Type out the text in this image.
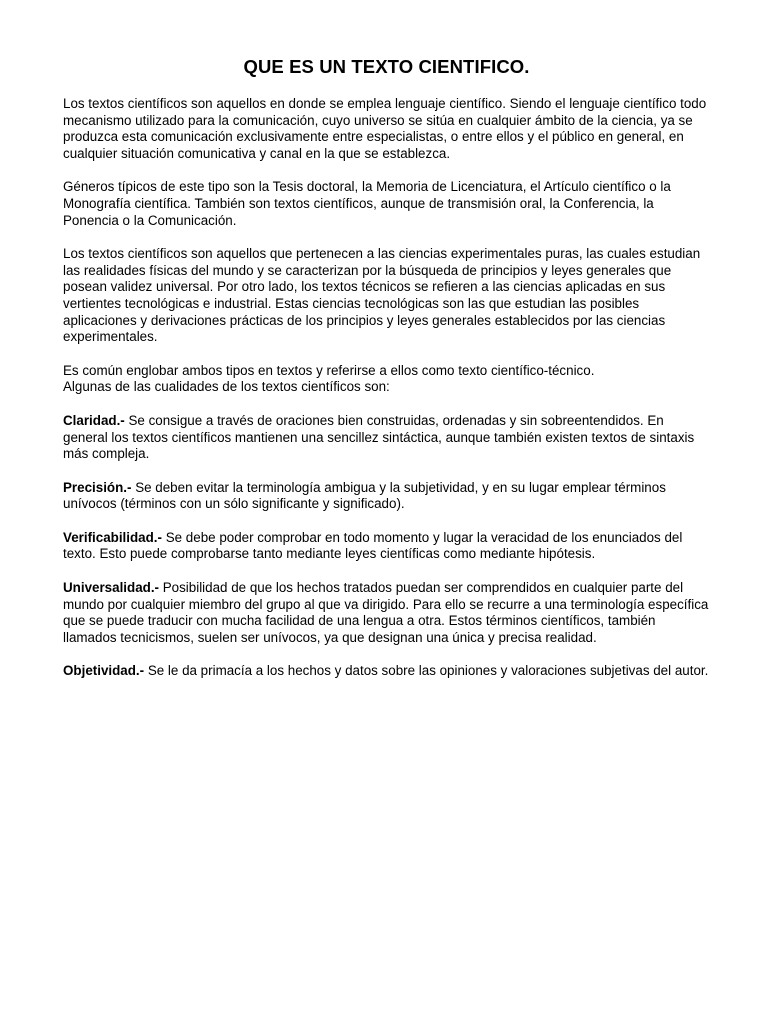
QUE ES UN TEXTO CIENTIFICO.

Los textos científicos son aquellos en donde se emplea lenguaje científico. Siendo el lenguaje científico todo mecanismo utilizado para la comunicación, cuyo universo se sitúa en cualquier ámbito de la ciencia, ya se produzca esta comunicación exclusivamente entre especialistas, o entre ellos y el público en general, en cualquier situación comunicativa y canal en la que se establezca.

Géneros típicos de este tipo son la Tesis doctoral, la Memoria de Licenciatura, el Artículo científico o la Monografía científica. También son textos científicos, aunque de transmisión oral, la Conferencia, la Ponencia o la Comunicación.

Los textos científicos son aquellos que pertenecen a las ciencias experimentales puras, las cuales estudian las realidades físicas del mundo y se caracterizan por la búsqueda de principios y leyes generales que posean validez universal. Por otro lado, los textos técnicos se refieren a las ciencias aplicadas en sus vertientes tecnológicas e industrial. Estas ciencias tecnológicas son las que estudian las posibles aplicaciones y derivaciones prácticas de los principios y leyes generales establecidos por las ciencias experimentales.

Es común englobar ambos tipos en textos y referirse a ellos como texto científico-técnico.

Algunas de las cualidades de los textos científicos son:

Claridad.- Se consigue a través de oraciones bien construidas, ordenadas y sin sobreentendidos. En general los textos científicos mantienen una sencillez sintáctica, aunque también existen textos de sintaxis más compleja.

Precisión.- Se deben evitar la terminología ambigua y la subjetividad, y en su lugar emplear términos unívocos (términos con un sólo significante y significado).

Verificabilidad.- Se debe poder comprobar en todo momento y lugar la veracidad de los enunciados del texto. Esto puede comprobarse tanto mediante leyes científicas como mediante hipótesis.

Universalidad.- Posibilidad de que los hechos tratados puedan ser comprendidos en cualquier parte del mundo por cualquier miembro del grupo al que va dirigido. Para ello se recurre a una terminología específica que se puede traducir con mucha facilidad de una lengua a otra. Estos términos científicos, también llamados tecnicismos, suelen ser unívocos, ya que designan una única y precisa realidad.

Objetividad.- Se le da primacía a los hechos y datos sobre las opiniones y valoraciones subjetivas del autor.
